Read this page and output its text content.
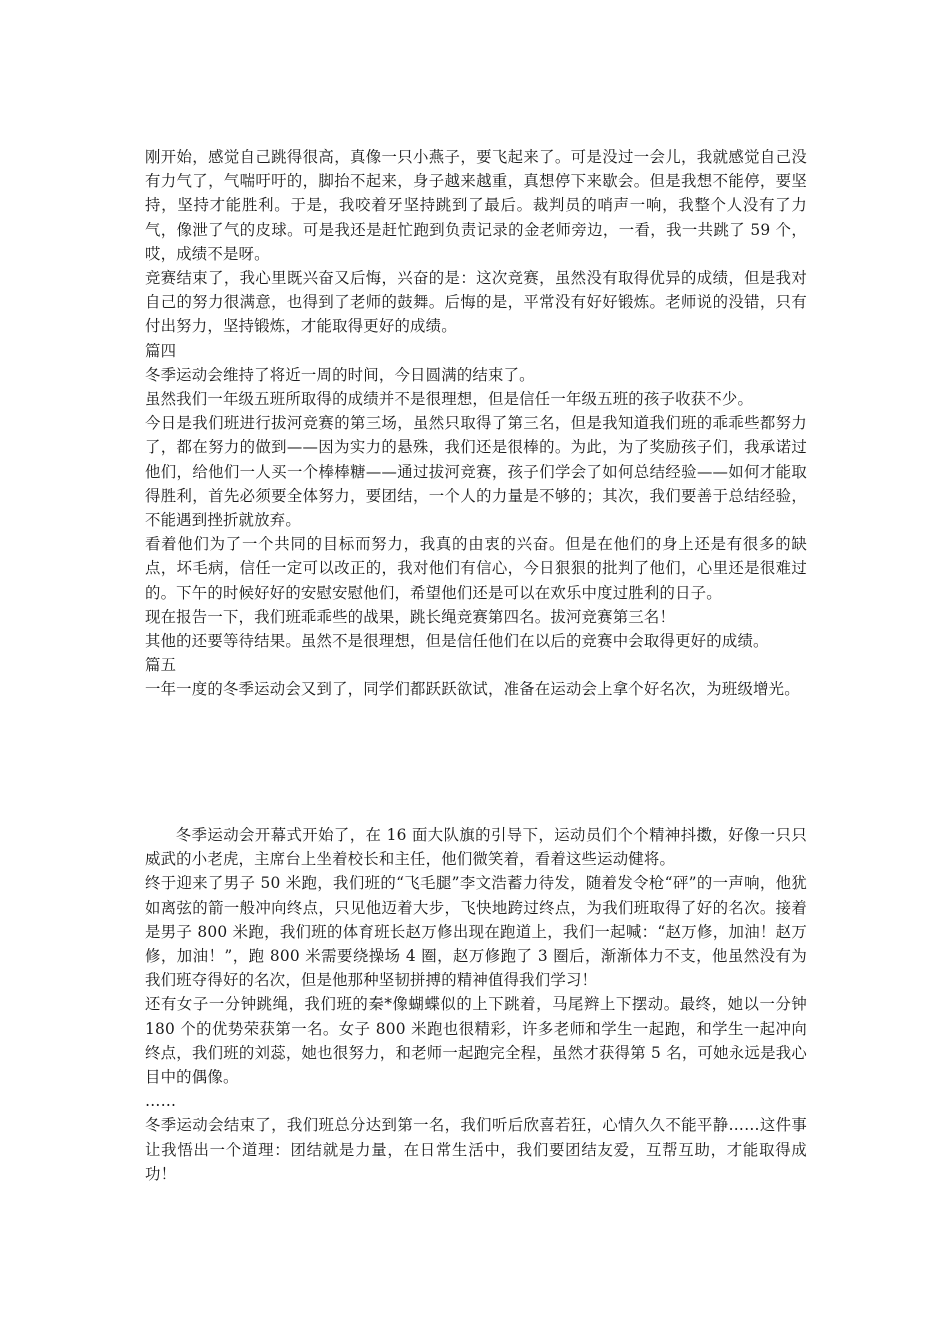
刚开始，感觉自己跳得很高，真像一只小燕子，要飞起来了。可是没过一会儿，我就感觉自己没有力气了，气喘吁吁的，脚抬不起来，身子越来越重，真想停下来歇会。但是我想不能停，要坚持，坚持才能胜利。于是，我咬着牙坚持跳到了最后。裁判员的哨声一响，我整个人没有了力气，像泄了气的皮球。可是我还是赶忙跑到负责记录的金老师旁边，一看，我一共跳了 59 个，哎，成绩不是呀。

竞赛结束了，我心里既兴奋又后悔，兴奋的是：这次竞赛，虽然没有取得优异的成绩，但是我对自己的努力很满意，也得到了老师的鼓舞。后悔的是，平常没有好好锻炼。老师说的没错，只有付出努力，坚持锻炼，才能取得更好的成绩。

篇四

冬季运动会维持了将近一周的时间，今日圆满的结束了。

虽然我们一年级五班所取得的成绩并不是很理想，但是信任一年级五班的孩子收获不少。

今日是我们班进行拔河竞赛的第三场，虽然只取得了第三名，但是我知道我们班的乖乖些都努力了，都在努力的做到——因为实力的悬殊，我们还是很棒的。为此，为了奖励孩子们，我承诺过他们，给他们一人买一个棒棒糖——通过拔河竞赛，孩子们学会了如何总结经验——如何才能取得胜利，首先必须要全体努力，要团结，一个人的力量是不够的；其次，我们要善于总结经验，不能遇到挫折就放弃。

看着他们为了一个共同的目标而努力，我真的由衷的兴奋。但是在他们的身上还是有很多的缺点，坏毛病，信任一定可以改正的，我对他们有信心，今日狠狠的批判了他们，心里还是很难过的。下午的时候好好的安慰安慰他们，希望他们还是可以在欢乐中度过胜利的日子。

现在报告一下，我们班乖乖些的战果，跳长绳竞赛第四名。拔河竞赛第三名！

其他的还要等待结果。虽然不是很理想，但是信任他们在以后的竞赛中会取得更好的成绩。

篇五

一年一度的冬季运动会又到了，同学们都跃跃欲试，准备在运动会上拿个好名次，为班级增光。

冬季运动会开幕式开始了，在 16 面大队旗的引导下，运动员们个个精神抖擞，好像一只只威武的小老虎，主席台上坐着校长和主任，他们微笑着，看着这些运动健将。

终于迎来了男子 50 米跑，我们班的“飞毛腿”李文浩蓄力待发，随着发令枪“砰”的一声响，他犹如离弦的箭一般冲向终点，只见他迈着大步，飞快地跨过终点，为我们班取得了好的名次。接着是男子 800 米跑，我们班的体育班长赵万修出现在跑道上，我们一起喊：“赵万修，加油！赵万修，加油！”，跑 800 米需要绕操场 4 圈，赵万修跑了 3 圈后，渐渐体力不支，他虽然没有为我们班夺得好的名次，但是他那种坚韧拼搏的精神值得我们学习！

还有女子一分钟跳绳，我们班的秦*像蝴蝶似的上下跳着，马尾辫上下摆动。最终，她以一分钟 180 个的优势荣获第一名。女子 800 米跑也很精彩，许多老师和学生一起跑，和学生一起冲向终点，我们班的刘蕊，她也很努力，和老师一起跑完全程，虽然才获得第 5 名，可她永远是我心目中的偶像。

……

冬季运动会结束了，我们班总分达到第一名，我们听后欣喜若狂，心情久久不能平静……这件事让我悟出一个道理：团结就是力量，在日常生活中，我们要团结友爱，互帮互助，才能取得成功！
